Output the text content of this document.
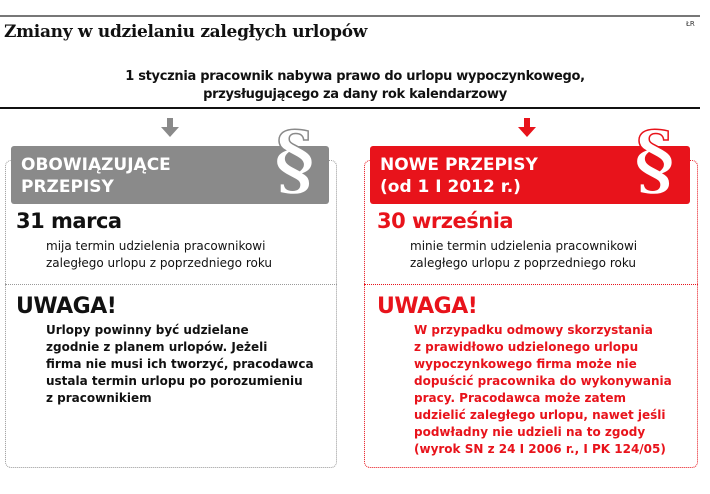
Zmiany w udzielaniu zaległych urlopów	ŁR
1 stycznia pracownik nabywa prawo do urlopu wypoczynkowego,
przysługującego za dany rok kalendarzowy
OBOWIĄZUJĄCE
PRZEPISY	§
31 marca
mija termin udzielenia pracownikowi
zaległego urlopu z poprzedniego roku
UWAGA!
Urlopy powinny być udzielane
zgodnie z planem urlopów. Jeżeli
firma nie musi ich tworzyć, pracodawca
ustala termin urlopu po porozumieniu
z pracownikiem
NOWE PRZEPISY
(od 1 I 2012 r.)	§
30 września
minie termin udzielenia pracownikowi
zaległego urlopu z poprzedniego roku
UWAGA!
W przypadku odmowy skorzystania
z prawidłowo udzielonego urlopu
wypoczynkowego firma może nie
dopuścić pracownika do wykonywania
pracy. Pracodawca może zatem
udzielić zaległego urlopu, nawet jeśli
podwładny nie udzieli na to zgody
(wyrok SN z 24 I 2006 r., I PK 124/05)
